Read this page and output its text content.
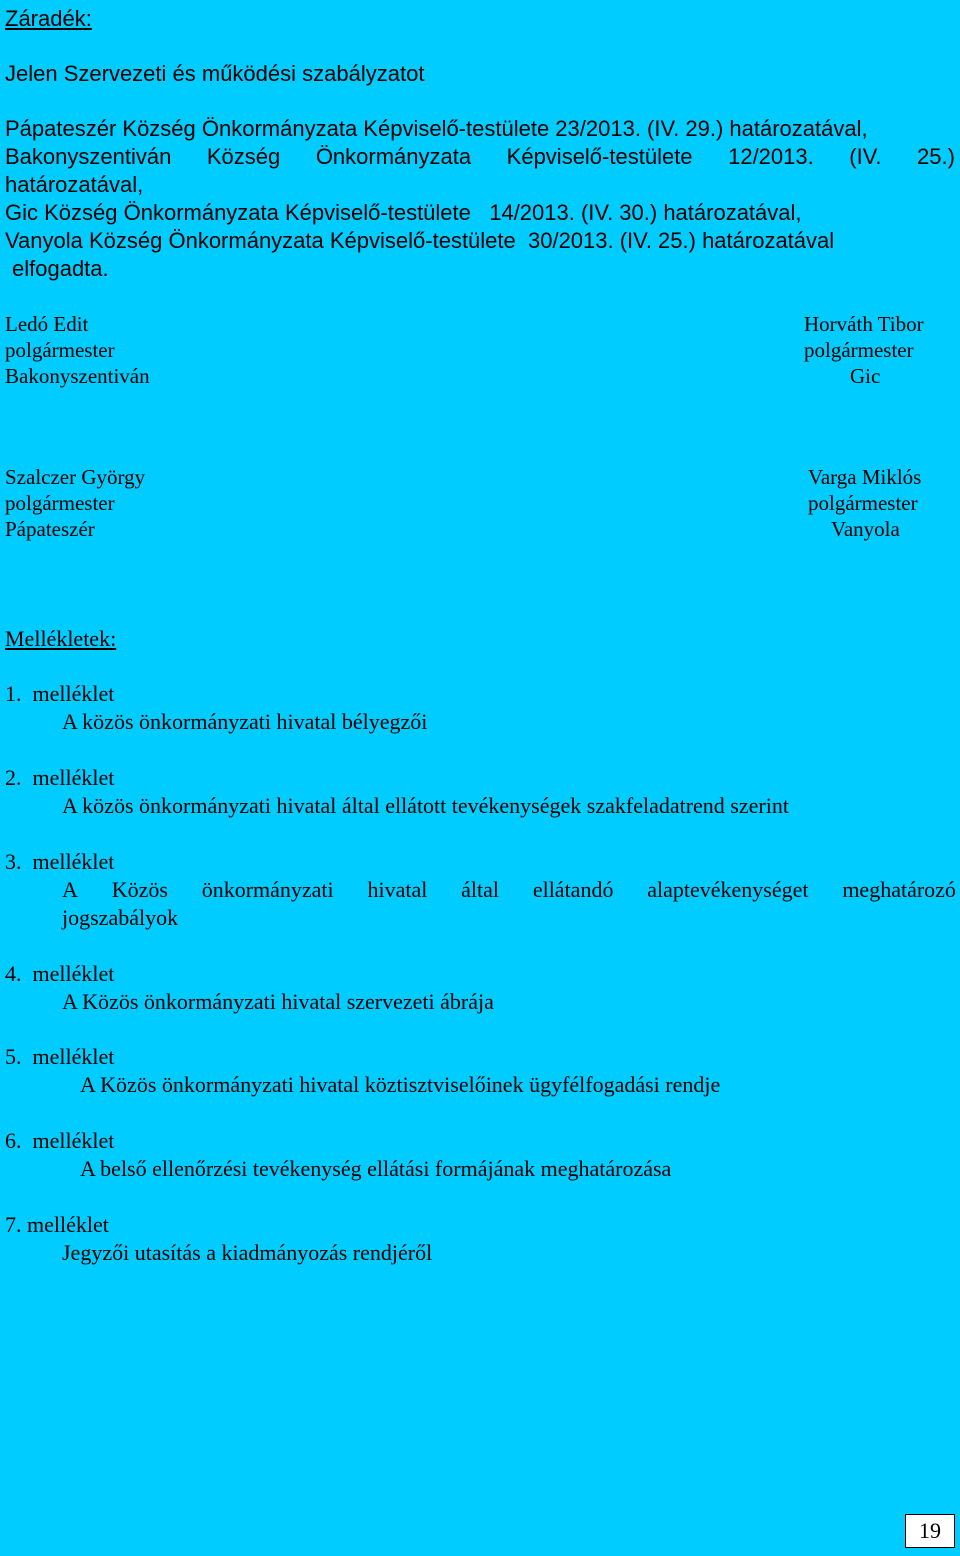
Záradék:
Jelen Szervezeti és működési szabályzatot
Pápateszér Község Önkormányzata Képviselő-testülete 23/2013. (IV. 29.) határozatával,
Bakonyszentiván Község Önkormányzata Képviselő-testülete 12/2013. (IV. 25.)
határozatával,
Gic Község Önkormányzata Képviselő-testülete   14/2013. (IV. 30.) határozatával,
Vanyola Község Önkormányzata Képviselő-testülete  30/2013. (IV. 25.) határozatával
elfogadta.
Ledó Edit
polgármester
Bakonyszentiván
Horváth Tibor
polgármester
Gic
Szalczer György
polgármester
Pápateszér
Varga Miklós
polgármester
Vanyola
Mellékletek:
1.  melléklet
A közös önkormányzati hivatal bélyegzői
2.  melléklet
A közös önkormányzati hivatal által ellátott tevékenységek szakfeladatrend szerint
3.  melléklet
A Közös önkormányzati hivatal által ellátandó alaptevékenységet meghatározó
jogszabályok
4.  melléklet
A Közös önkormányzati hivatal szervezeti ábrája
5.  melléklet
A Közös önkormányzati hivatal köztisztviselőinek ügyfélfogadási rendje
6.  melléklet
A belső ellenőrzési tevékenység ellátási formájának meghatározása
7. melléklet
Jegyzői utasítás a kiadmányozás rendjéről
19
